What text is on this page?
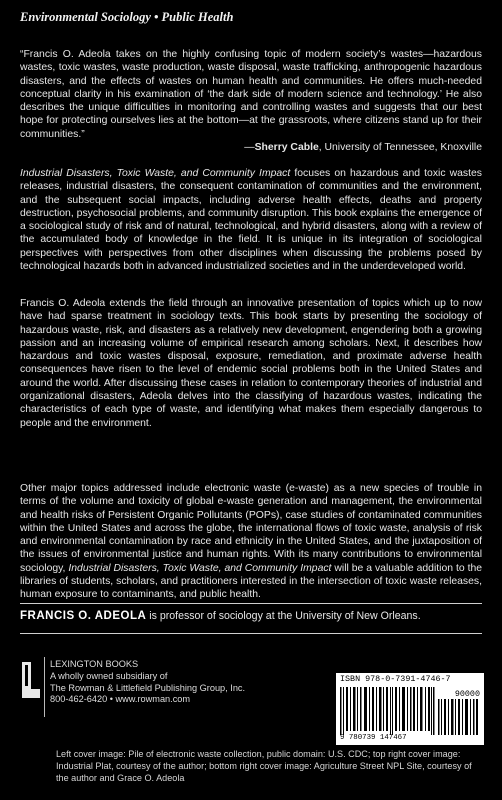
Environmental Sociology • Public Health
“Francis O. Adeola takes on the highly confusing topic of modern society’s wastes—hazardous wastes, toxic wastes, waste production, waste disposal, waste trafficking, anthropogenic hazardous disasters, and the effects of wastes on human health and communities. He offers much-needed conceptual clarity in his examination of ‘the dark side of modern science and technology.’ He also describes the unique difficulties in monitoring and controlling wastes and suggests that our best hope for protecting ourselves lies at the bottom—at the grassroots, where citizens stand up for their communities.”
—Sherry Cable, University of Tennessee, Knoxville
Industrial Disasters, Toxic Waste, and Community Impact focuses on hazardous and toxic wastes releases, industrial disasters, the consequent contamination of communities and the environment, and the subsequent social impacts, including adverse health effects, deaths and property destruction, psychosocial problems, and community disruption. This book explains the emergence of a sociological study of risk and of natural, technological, and hybrid disasters, along with a review of the accumulated body of knowledge in the field. It is unique in its integration of sociological perspectives with perspectives from other disciplines when discussing the problems posed by technological hazards both in advanced industrialized societies and in the underdeveloped world.
Francis O. Adeola extends the field through an innovative presentation of topics which up to now have had sparse treatment in sociology texts. This book starts by presenting the sociology of hazardous waste, risk, and disasters as a relatively new development, engendering both a growing passion and an increasing volume of empirical research among scholars. Next, it describes how hazardous and toxic wastes disposal, exposure, remediation, and proximate adverse health consequences have risen to the level of endemic social problems both in the United States and around the world. After discussing these cases in relation to contemporary theories of industrial and organizational disasters, Adeola delves into the classifying of hazardous wastes, indicating the characteristics of each type of waste, and identifying what makes them especially dangerous to people and the environment.
Other major topics addressed include electronic waste (e-waste) as a new species of trouble in terms of the volume and toxicity of global e-waste generation and management, the environmental and health risks of Persistent Organic Pollutants (POPs), case studies of contaminated communities within the United States and across the globe, the international flows of toxic waste, analysis of risk and environmental contamination by race and ethnicity in the United States, and the juxtaposition of the issues of environmental justice and human rights. With its many contributions to environmental sociology, Industrial Disasters, Toxic Waste, and Community Impact will be a valuable addition to the libraries of students, scholars, and practitioners interested in the intersection of toxic waste releases, human exposure to contaminants, and public health.
FRANCIS O. ADEOLA is professor of sociology at the University of New Orleans.
LEXINGTON BOOKS
A wholly owned subsidiary of
The Rowman & Littlefield Publishing Group, Inc.
800-462-6420 • www.rowman.com
ISBN 978-0-7391-4746-7
90000
9 780739 147467
Left cover image: Pile of electronic waste collection, public domain: U.S. CDC; top right cover image: Industrial Plat, courtesy of the author; bottom right cover image: Agriculture Street NPL Site, courtesy of the author and Grace O. Adeola
